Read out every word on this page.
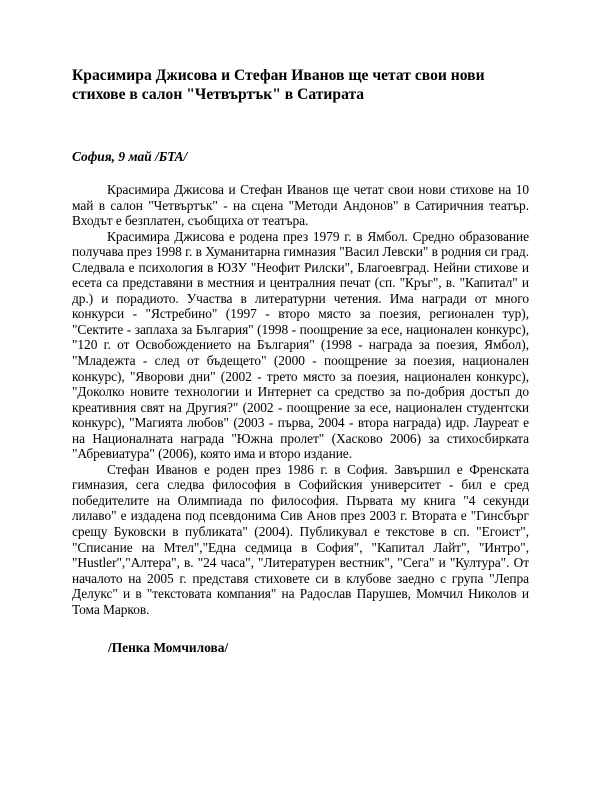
Красимира Джисова и Стефан Иванов ще четат свои нови стихове в салон "Четвъртък" в Сатирата
София, 9 май /БТА/

Красимира Джисова и Стефан Иванов ще четат свои нови стихове на 10 май в салон "Четвъртък" - на сцена "Методи Андонов" в Сатиричния театър. Входът е безплатен, съобщиха от театъра.

Красимира Джисова е родена през 1979 г. в Ямбол. Средно образование получава през 1998 г. в Хуманитарна гимназия "Васил Левски" в родния си град. Следвала е психология в ЮЗУ "Неофит Рилски", Благоевград. Нейни стихове и есета са представяни в местния и централния печат (сп. "Кръг", в. "Капитал" и др.) и порадиото. Участва в литературни четения. Има награди от много конкурси - "Ястребино" (1997 - второ място за поезия, регионален тур), "Сектите - заплаха за България" (1998 - поощрение за есе, национален конкурс), "120 г. от Освобождението на България" (1998 - награда за поезия, Ямбол), "Младежта - след от бъдещето" (2000 - поощрение за поезия, национален конкурс), "Яворови дни" (2002 - трето място за поезия, национален конкурс), "Доколко новите технологии и Интернет са средство за по-добрия достъп до креативния свят на Другия?" (2002 - поощрение за есе, национален студентски конкурс), "Магията любов" (2003 - първа, 2004 - втора награда) идр. Лауреат е на Националната награда "Южна пролет" (Хасково 2006) за стихосбирката "Абревиатура" (2006), която има и второ издание.

Стефан Иванов е роден през 1986 г. в София. Завършил е Френската гимназия, сега следва философия в Софийския университет - бил е сред победителите на Олимпиада по философия. Първата му книга "4 секунди лилаво" е издадена под псевдонима Сив Анов през 2003 г. Втората е "Гинсбърг срещу Буковски в публиката" (2004). Публикувал е текстове в сп. "Егоист", "Списание на Мтел","Една седмица в София", "Капитал Лайт", "Интро", "Hustler","Алтера", в. "24 часа", "Литературен вестник", "Сега" и "Култура". От началото на 2005 г. представя стиховете си в клубове заедно с група "Лепра Делукс" и в "текстовата компания" на Радослав Парушев, Момчил Николов и Тома Марков.

/Пенка Момчилова/
